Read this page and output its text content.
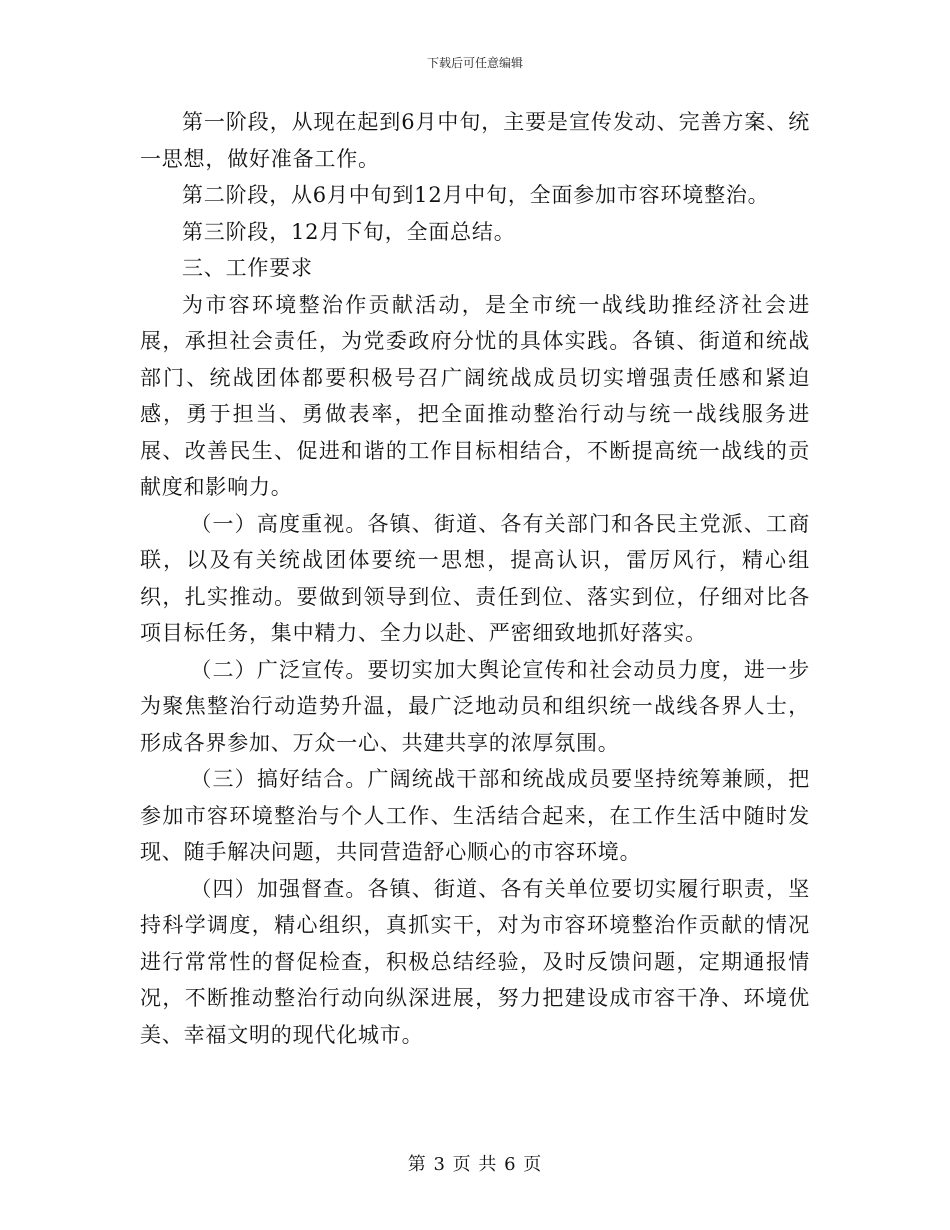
下载后可任意编辑

第一阶段，从现在起到6月中旬，主要是宣传发动、完善方案、统一思想，做好准备工作。

第二阶段，从6月中旬到12月中旬，全面参加市容环境整治。

第三阶段，12月下旬，全面总结。

三、工作要求

为市容环境整治作贡献活动，是全市统一战线助推经济社会进展，承担社会责任，为党委政府分忧的具体实践。各镇、街道和统战部门、统战团体都要积极号召广阔统战成员切实增强责任感和紧迫感，勇于担当、勇做表率，把全面推动整治行动与统一战线服务进展、改善民生、促进和谐的工作目标相结合，不断提高统一战线的贡献度和影响力。

（一）高度重视。各镇、街道、各有关部门和各民主党派、工商联，以及有关统战团体要统一思想，提高认识，雷厉风行，精心组织，扎实推动。要做到领导到位、责任到位、落实到位，仔细对比各项目标任务，集中精力、全力以赴、严密细致地抓好落实。

（二）广泛宣传。要切实加大舆论宣传和社会动员力度，进一步为聚焦整治行动造势升温，最广泛地动员和组织统一战线各界人士，形成各界参加、万众一心、共建共享的浓厚氛围。

（三）搞好结合。广阔统战干部和统战成员要坚持统筹兼顾，把参加市容环境整治与个人工作、生活结合起来，在工作生活中随时发现、随手解决问题，共同营造舒心顺心的市容环境。

（四）加强督查。各镇、街道、各有关单位要切实履行职责，坚持科学调度，精心组织，真抓实干，对为市容环境整治作贡献的情况进行常常性的督促检查，积极总结经验，及时反馈问题，定期通报情况，不断推动整治行动向纵深进展，努力把建设成市容干净、环境优美、幸福文明的现代化城市。

第 3 页 共 6 页
